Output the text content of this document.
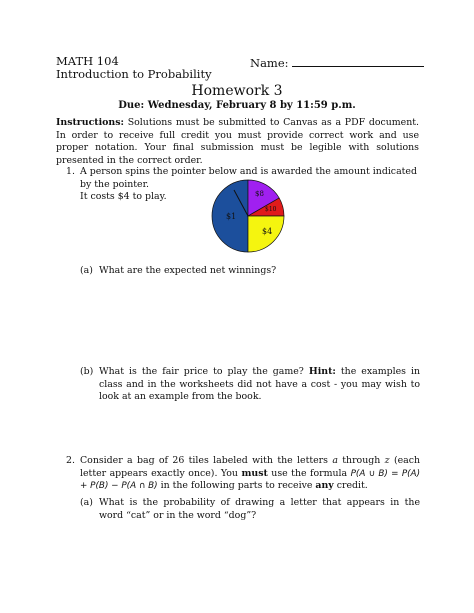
MATH 104
Introduction to Probability
Name:
Homework 3
Due: Wednesday, February 8 by 11:59 p.m.

Instructions: Solutions must be submitted to Canvas as a PDF document. In order to receive full credit you must provide correct work and use proper notation. Your final submission must be legible with solutions presented in the correct order.

1. A person spins the pointer below and is awarded the amount indicated by the pointer.

It costs $4 to play.

$1
$8
$10
$4
(a) What are the expected net winnings?
(b) What is the fair price to play the game? Hint: the examples in class and in the worksheets did not have a cost - you may wish to look at an example from the book.

2. Consider a bag of 26 tiles labeled with the letters a through z (each letter appears exactly once). You must use the formula P(A ∪ B) = P(A) + P(B) − P(A ∩ B) in the following parts to receive any credit.

(a) What is the probability of drawing a letter that appears in the word “cat” or in the word “dog”?
